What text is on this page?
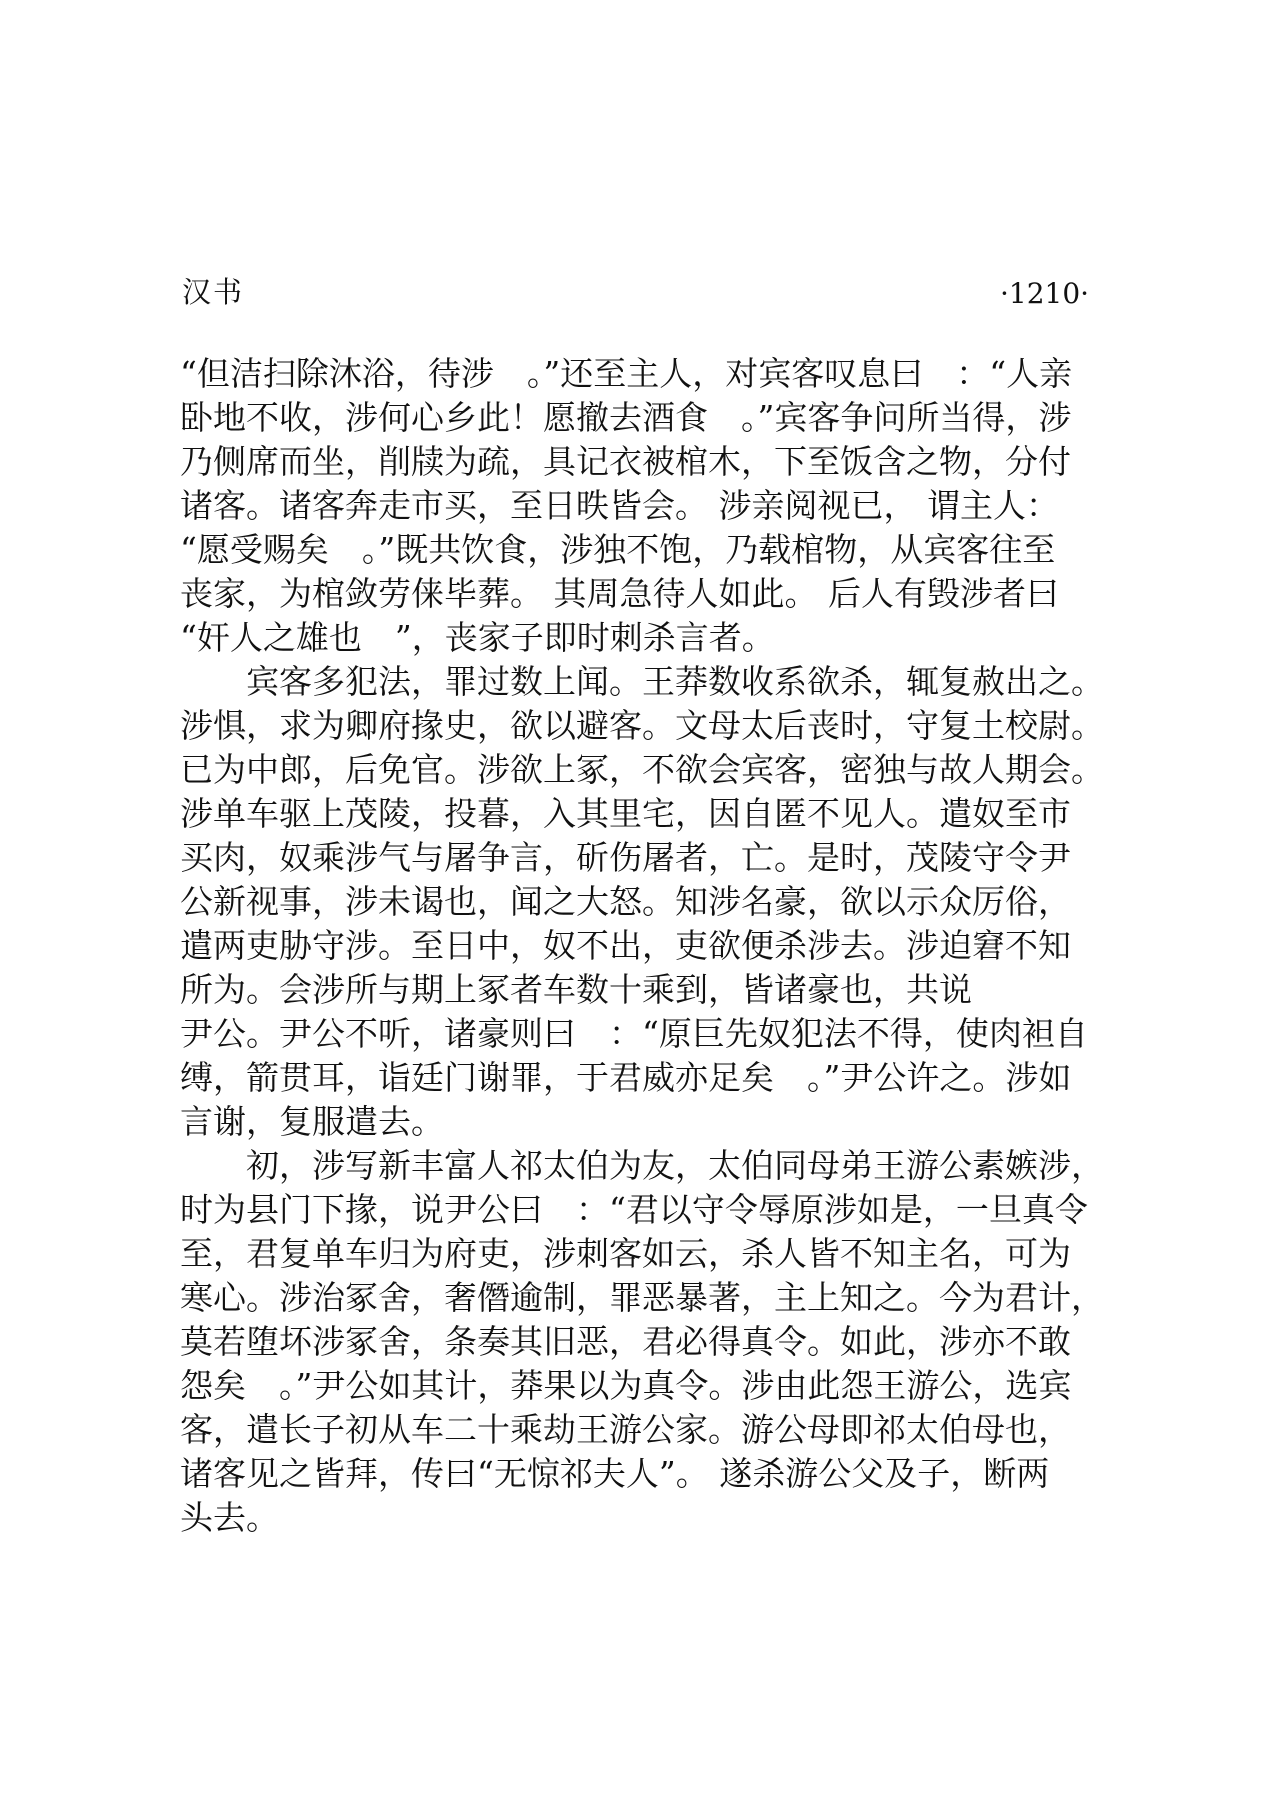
汉书	·1210·
“但洁扫除沐浴，待涉　。”还至主人，对宾客叹息曰　：“人亲
卧地不收，涉何心乡此！愿撤去酒食　。”宾客争问所当得，涉
乃侧席而坐，削牍为疏，具记衣被棺木，下至饭含之物，分付
诸客。诸客奔走市买，至日昳皆会。 涉亲阅视已， 谓主人：
“愿受赐矣　。”既共饮食，涉独不饱，乃载棺物，从宾客往至
丧家，为棺敛劳俫毕葬。 其周急待人如此。 后人有毁涉者曰
“奸人之雄也　”，丧家子即时刺杀言者。
宾客多犯法，罪过数上闻。王莽数收系欲杀，辄复赦出之。
涉惧，求为卿府掾史，欲以避客。文母太后丧时，守复土校尉。
已为中郎，后免官。涉欲上冢，不欲会宾客，密独与故人期会。
涉单车驱上茂陵，投暮，入其里宅，因自匿不见人。遣奴至市
买肉，奴乘涉气与屠争言，斫伤屠者，亡。是时，茂陵守令尹
公新视事，涉未谒也，闻之大怒。知涉名豪，欲以示众厉俗，
遣两吏胁守涉。至日中，奴不出，吏欲便杀涉去。涉迫窘不知
所为。会涉所与期上冢者车数十乘到，皆诸豪也，共说
尹公。尹公不听，诸豪则曰　：“原巨先奴犯法不得，使肉袒自
缚，箭贯耳，诣廷门谢罪，于君威亦足矣　。”尹公许之。涉如
言谢，复服遣去。
初，涉写新丰富人祁太伯为友，太伯同母弟王游公素嫉涉，
时为县门下掾，说尹公曰　：“君以守令辱原涉如是，一旦真令
至，君复单车归为府吏，涉刺客如云，杀人皆不知主名，可为
寒心。涉治冢舍，奢僭逾制，罪恶暴著，主上知之。今为君计，
莫若堕坏涉冢舍，条奏其旧恶，君必得真令。如此，涉亦不敢
怨矣　。”尹公如其计，莽果以为真令。涉由此怨王游公，选宾
客，遣长子初从车二十乘劫王游公家。游公母即祁太伯母也，
诸客见之皆拜，传曰“无惊祁夫人”。 遂杀游公父及子，断两
头去。
